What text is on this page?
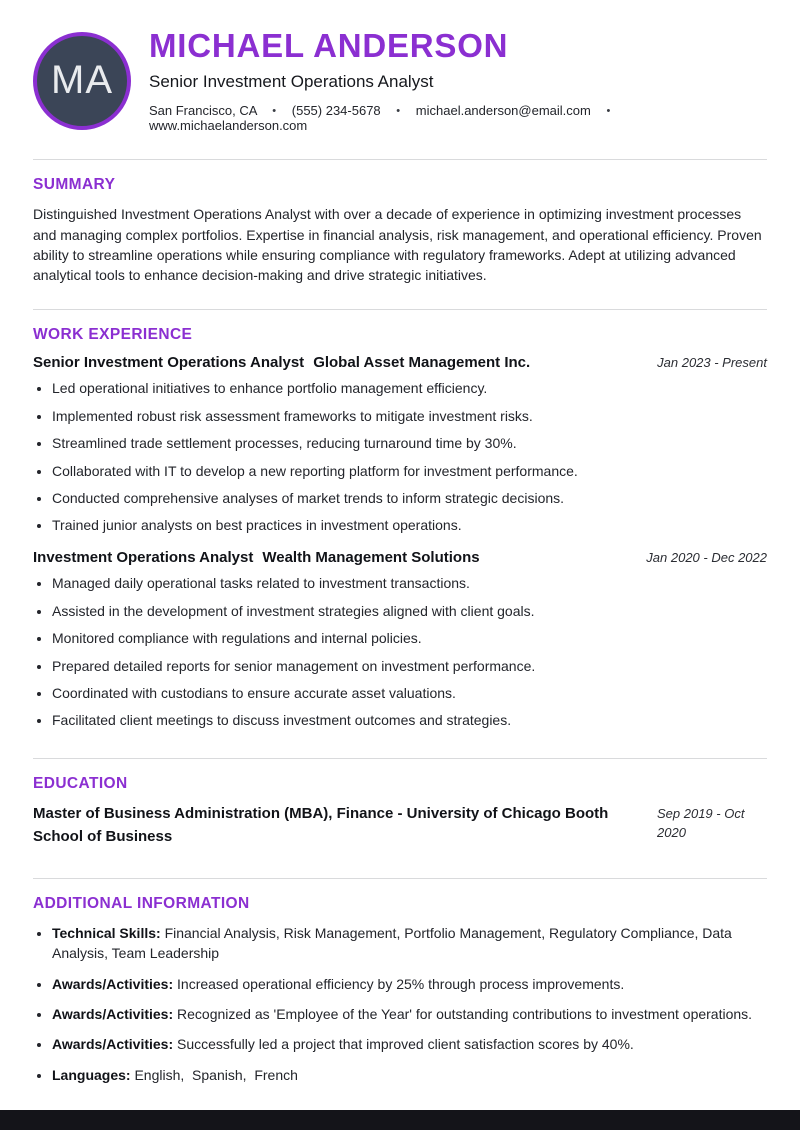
MA
MICHAEL ANDERSON
Senior Investment Operations Analyst
San Francisco, CA • (555) 234-5678 • michael.anderson@email.com • www.michaelanderson.com
SUMMARY

Distinguished Investment Operations Analyst with over a decade of experience in optimizing investment processes and managing complex portfolios. Expertise in financial analysis, risk management, and operational efficiency. Proven ability to streamline operations while ensuring compliance with regulatory frameworks. Adept at utilizing advanced analytical tools to enhance decision-making and drive strategic initiatives.

WORK EXPERIENCE
Senior Investment Operations Analyst Global Asset Management Inc.	Jan 2023 - Present
• Led operational initiatives to enhance portfolio management efficiency.
• Implemented robust risk assessment frameworks to mitigate investment risks.
• Streamlined trade settlement processes, reducing turnaround time by 30%.
• Collaborated with IT to develop a new reporting platform for investment performance.
• Conducted comprehensive analyses of market trends to inform strategic decisions.
• Trained junior analysts on best practices in investment operations.
Investment Operations Analyst Wealth Management Solutions	Jan 2020 - Dec 2022
• Managed daily operational tasks related to investment transactions.
• Assisted in the development of investment strategies aligned with client goals.
• Monitored compliance with regulations and internal policies.
• Prepared detailed reports for senior management on investment performance.
• Coordinated with custodians to ensure accurate asset valuations.
• Facilitated client meetings to discuss investment outcomes and strategies.
EDUCATION
Master of Business Administration (MBA), Finance - University of Chicago Booth School of Business
Sep 2019 - Oct 2020
ADDITIONAL INFORMATION
• Technical Skills: Financial Analysis, Risk Management, Portfolio Management, Regulatory Compliance, Data Analysis, Team Leadership
• Awards/Activities: Increased operational efficiency by 25% through process improvements.
• Awards/Activities: Recognized as 'Employee of the Year' for outstanding contributions to investment operations.
• Awards/Activities: Successfully led a project that improved client satisfaction scores by 40%.
• Languages: English,  Spanish,  French
